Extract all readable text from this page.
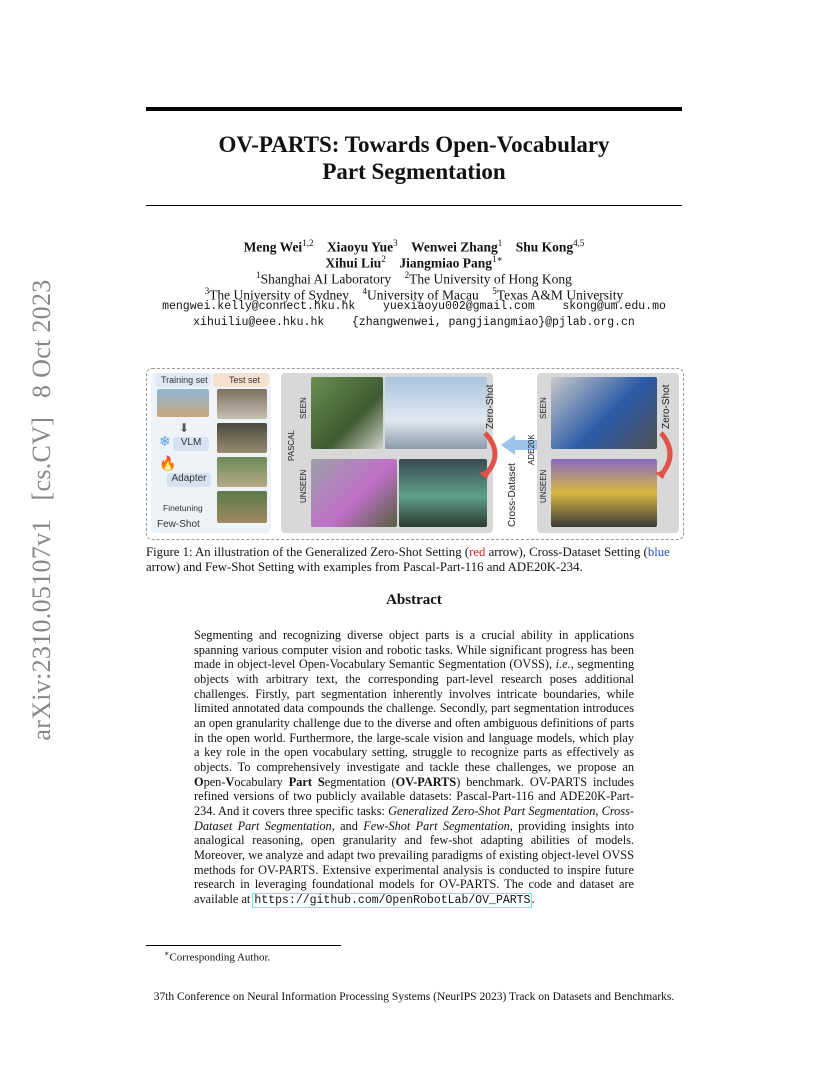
arXiv:2310.05107v1 [cs.CV] 8 Oct 2023
OV-PARTS: Towards Open-Vocabulary
Part Segmentation
Meng Wei$^{1,2}$ Xiaoyu Yue$^3$ Wenwei Zhang$^1$ Shu Kong$^{4,5}$
Xihui Liu$^2$ Jiangmiao Pang$^{1∗}$
$^1$Shanghai AI Laboratory $^2$The University of Hong Kong
$^3$The University of Sydney $^4$University of Macau $^5$Texas A&M University
mengwei.kelly@connect.hku.hk yuexiaoyu002@gmail.com skong@um.edu.mo
xihuiliu@eee.hku.hk {zhangwenwei, pangjiangmiao}@pjlab.org.cn
Training set Test set
⬇
❄ VLM
🔥
Adapter
Finetuning
Few-Shot
PASCAL
SEEN
UNSEEN
Zero-Shot
Cross-Dataset
ADE20K
SEEN
UNSEEN
Zero-Shot
Figure 1: An illustration of the Generalized Zero-Shot Setting (red arrow), Cross-Dataset Setting (blue arrow) and Few-Shot Setting with examples from Pascal-Part-116 and ADE20K-234.
Abstract
Segmenting and recognizing diverse object parts is a crucial ability in applications spanning various computer vision and robotic tasks. While significant progress has been made in object-level Open-Vocabulary Semantic Segmentation (OVSS), i.e., segmenting objects with arbitrary text, the corresponding part-level research poses additional challenges. Firstly, part segmentation inherently involves intricate boundaries, while limited annotated data compounds the challenge. Secondly, part segmentation introduces an open granularity challenge due to the diverse and often ambiguous definitions of parts in the open world. Furthermore, the large-scale vision and language models, which play a key role in the open vocabulary setting, struggle to recognize parts as effectively as objects. To comprehensively investigate and tackle these challenges, we propose an Open-Vocabulary Part Segmentation (OV-PARTS) benchmark. OV-PARTS includes refined versions of two publicly available datasets: Pascal-Part-116 and ADE20K-Part-234. And it covers three specific tasks: Generalized Zero-Shot Part Segmentation, Cross-Dataset Part Segmentation, and Few-Shot Part Segmentation, providing insights into analogical reasoning, open granularity and few-shot adapting abilities of models. Moreover, we analyze and adapt two prevailing paradigms of existing object-level OVSS methods for OV-PARTS. Extensive experimental analysis is conducted to inspire future research in leveraging foundational models for OV-PARTS. The code and dataset are available at https://github.com/OpenRobotLab/OV_PARTS.
∗Corresponding Author.
37th Conference on Neural Information Processing Systems (NeurIPS 2023) Track on Datasets and Benchmarks.
